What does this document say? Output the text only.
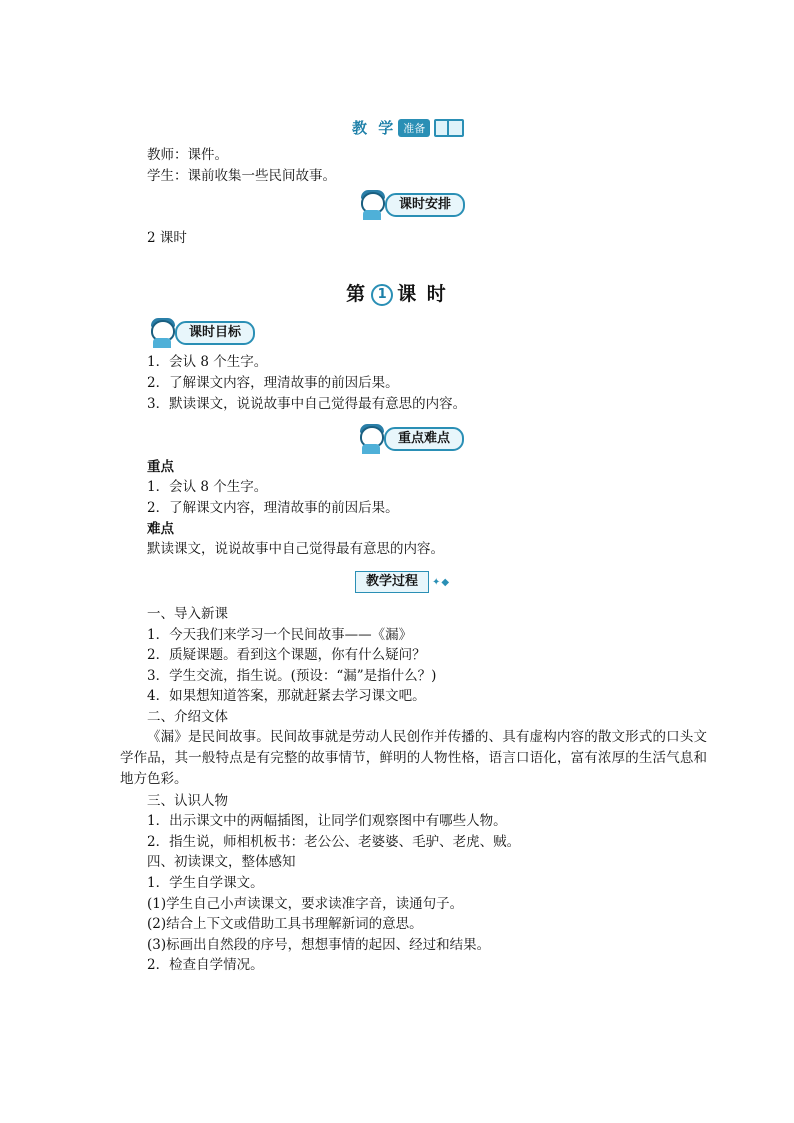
教 学 准备
教师：课件。
学生：课前收集一些民间故事。
课时安排
2 课时
第 1 课 时
课时目标
1．会认 8 个生字。
2．了解课文内容，理清故事的前因后果。
3．默读课文，说说故事中自己觉得最有意思的内容。
重点难点
重点
1．会认 8 个生字。
2．了解课文内容，理清故事的前因后果。
难点
默读课文，说说故事中自己觉得最有意思的内容。
教学过程	✦◆
一、导入新课
1．今天我们来学习一个民间故事——《漏》
2．质疑课题。看到这个课题，你有什么疑问？
3．学生交流，指生说。(预设：“漏”是指什么？)
4．如果想知道答案，那就赶紧去学习课文吧。
二、介绍文体
《漏》是民间故事。民间故事就是劳动人民创作并传播的、具有虚构内容的散文形式的口头文学作品，其一般特点是有完整的故事情节，鲜明的人物性格，语言口语化，富有浓厚的生活气息和地方色彩。
三、认识人物
1．出示课文中的两幅插图，让同学们观察图中有哪些人物。
2．指生说，师相机板书：老公公、老婆婆、毛驴、老虎、贼。
四、初读课文，整体感知
1．学生自学课文。
(1)学生自己小声读课文，要求读准字音，读通句子。
(2)结合上下文或借助工具书理解新词的意思。
(3)标画出自然段的序号，想想事情的起因、经过和结果。
2．检查自学情况。
